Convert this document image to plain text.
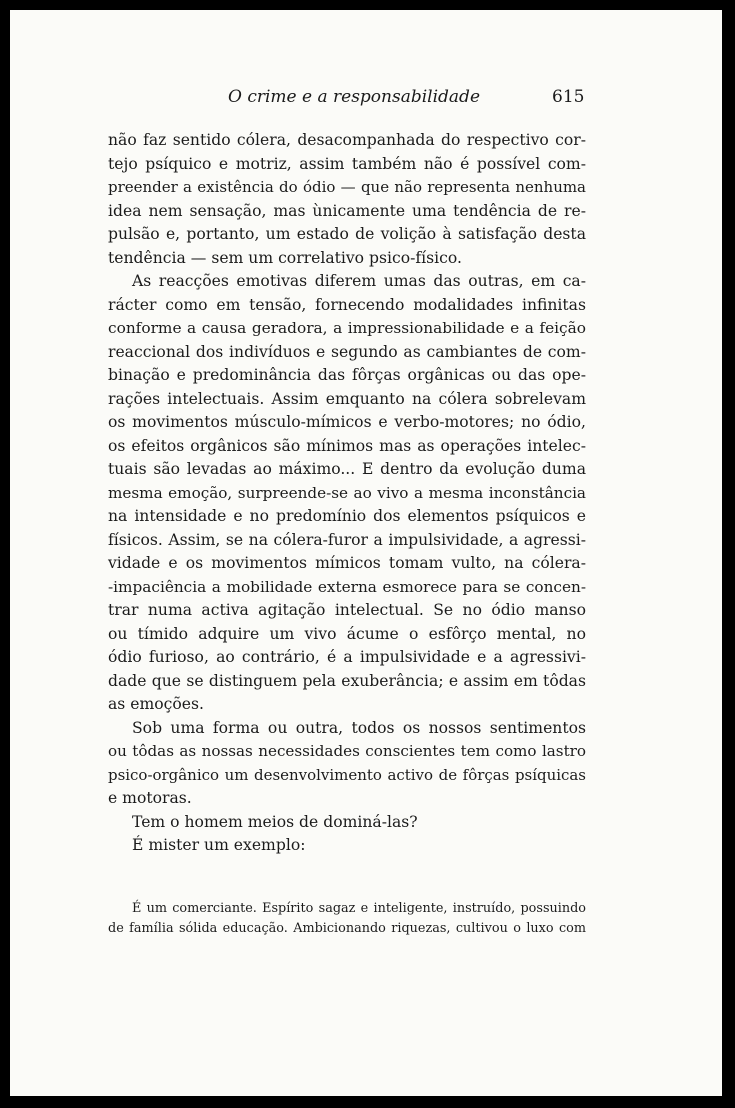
O crime e a responsabilidade	615
não faz sentido cólera, desacompanhada do respectivo cor-
tejo psíquico e motriz, assim também não é possível com-
preender a existência do ódio — que não representa nenhuma
idea nem sensação, mas ùnicamente uma tendência de re-
pulsão e, portanto, um estado de volição à satisfação desta
tendência — sem um correlativo psico-físico.
As reacções emotivas diferem umas das outras, em ca-
rácter como em tensão, fornecendo modalidades infinitas
conforme a causa geradora, a impressionabilidade e a feição
reaccional dos indivíduos e segundo as cambiantes de com-
binação e predominância das fôrças orgânicas ou das ope-
rações intelectuais. Assim emquanto na cólera sobrelevam
os movimentos músculo-mímicos e verbo-motores; no ódio,
os efeitos orgânicos são mínimos mas as operações intelec-
tuais são levadas ao máximo... E dentro da evolução duma
mesma emoção, surpreende-se ao vivo a mesma inconstância
na intensidade e no predomínio dos elementos psíquicos e
físicos. Assim, se na cólera-furor a impulsividade, a agressi-
vidade e os movimentos mímicos tomam vulto, na cólera-
-impaciência a mobilidade externa esmorece para se concen-
trar numa activa agitação intelectual. Se no ódio manso
ou tímido adquire um vivo ácume o esfôrço mental, no
ódio furioso, ao contrário, é a impulsividade e a agressivi-
dade que se distinguem pela exuberância; e assim em tôdas
as emoções.
Sob uma forma ou outra, todos os nossos sentimentos
ou tôdas as nossas necessidades conscientes tem como lastro
psico-orgânico um desenvolvimento activo de fôrças psíquicas
e motoras.
Tem o homem meios de dominá-las?
É mister um exemplo:
É um comerciante. Espírito sagaz e inteligente, instruído, possuindo
de família sólida educação. Ambicionando riquezas, cultivou o luxo com
